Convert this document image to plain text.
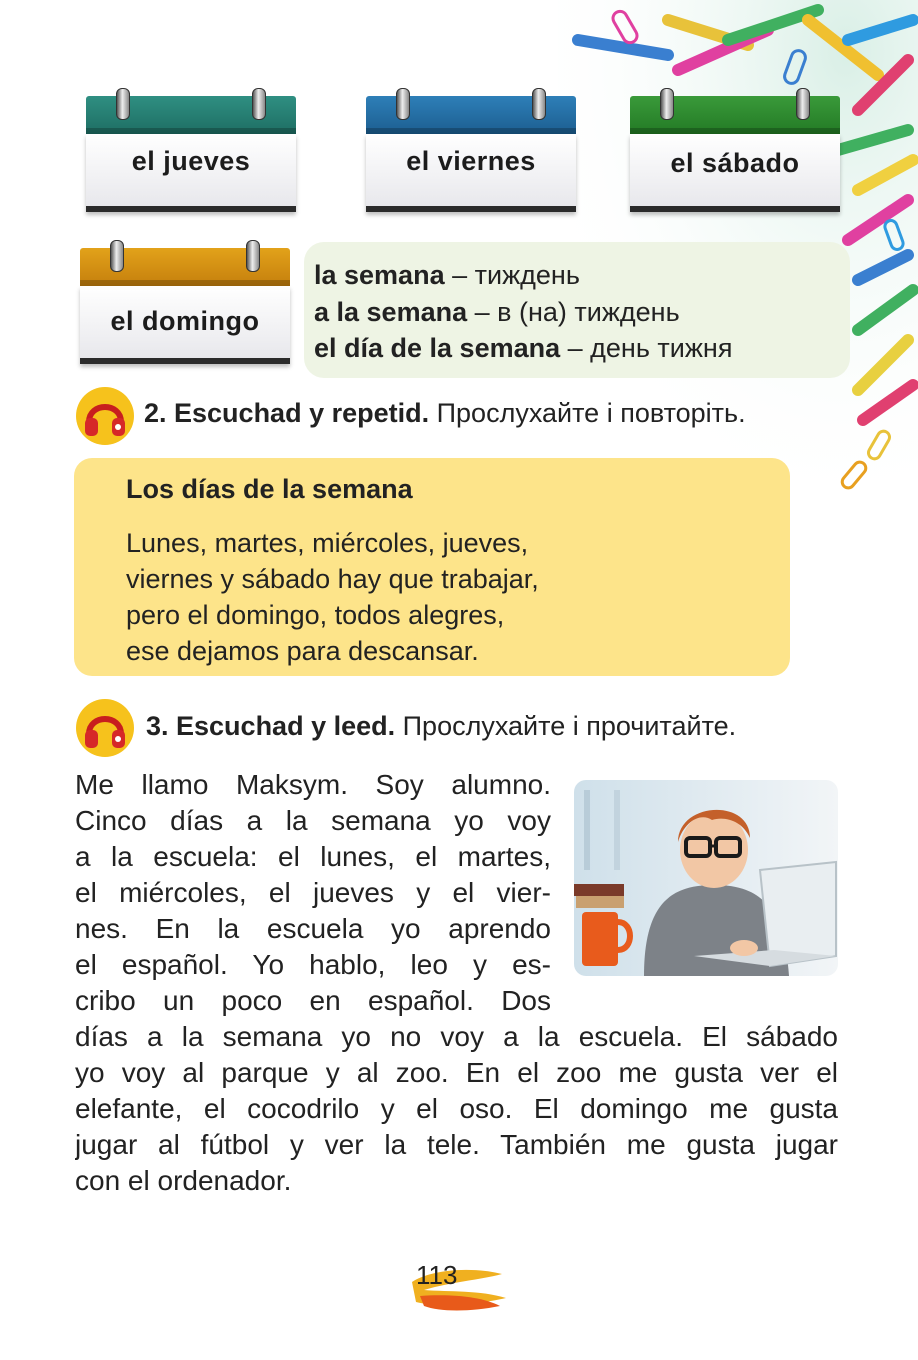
el jueves	el viernes	el sábado
el domingo
la semana – тиждень
a la semana – в (на) тиждень
el día de la semana – день тижня
2. Escuchad y repetid. Прослухайте і повторіть.
Los días de la semana
Lunes, martes, miércoles, jueves,
viernes y sábado hay que trabajar,
pero el domingo, todos alegres,
ese dejamos para descansar.
3. Escuchad y leed. Прослухайте і прочитайте.
Me llamo Maksym. Soy alumno.
Cinco días a la semana yo voy
a la escuela: el lunes, el martes,
el miércoles, el jueves y el vier-
nes. En la escuela yo aprendo
el español. Yo hablo, leo y es-
cribo un poco en español. Dos
días a la semana yo no voy a la escuela. El sábado
yo voy al parque y al zoo. En el zoo me gusta ver el
elefante, el cocodrilo y el oso. El domingo me gusta
jugar al fútbol y ver la tele. También me gusta jugar
con el ordenador.
113
